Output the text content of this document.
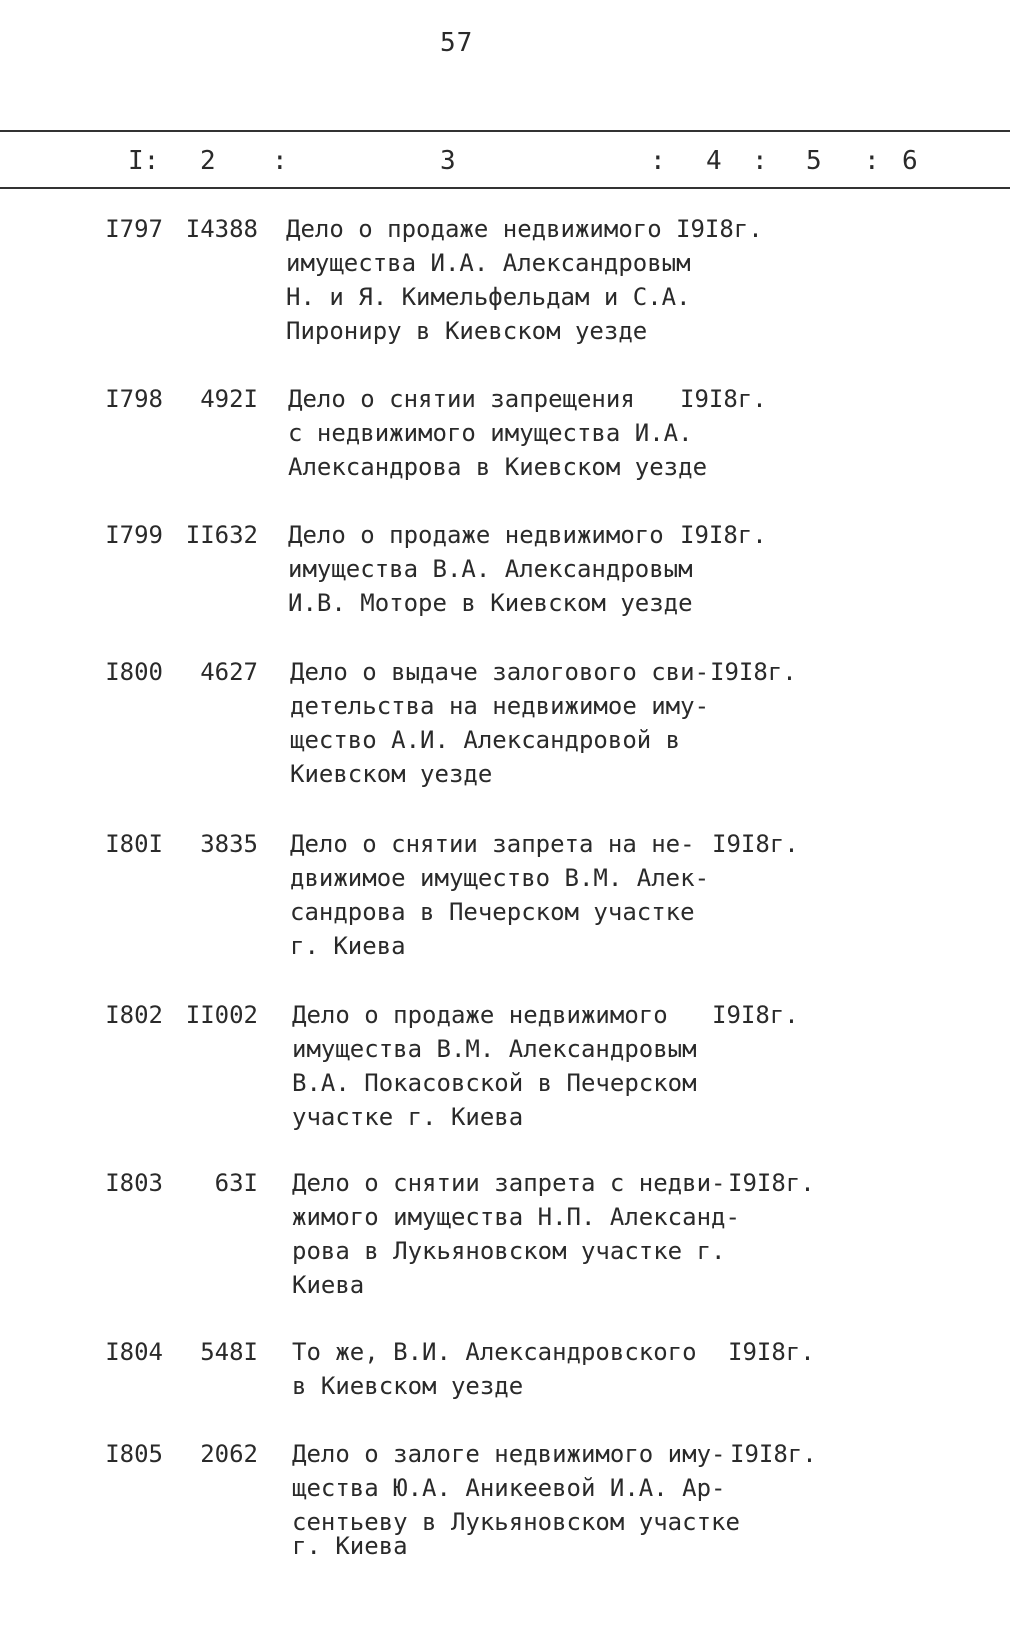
57
I: 2 :	3	: 4 : 5 : 6
I797 I4388 Дело о продаже недвижимого
имущества И.А. Александровым
Н. и Я. Кимельфельдам и С.А.
Пирониру в Киевском уезде
I9I8г.
I798	492I Дело о снятии запрещения
с недвижимого имущества И.А.
Александрова в Киевском уезде
I9I8г.
I799 II632 Дело о продаже недвижимого
имущества В.А. Александровым
И.В. Моторе в Киевском уезде
I9I8г.
I800	4627 Дело о выдаче залогового сви-
детельства на недвижимое иму-
щество А.И. Александровой в
Киевском уезде
I9I8г.
I80I	3835 Дело о снятии запрета на не-
движимое имущество В.М. Алек-
сандрова в Печерском участке
г. Киева
I9I8г.
I802 II002 Дело о продаже недвижимого
имущества В.М. Александровым
В.А. Покасовской в Печерском
участке г. Киева
I9I8г.
I803	63I Дело о снятии запрета с недви-
жимого имущества Н.П. Александ-
рова в Лукьяновском участке г.
Киева
I9I8г.
I804	548I То же, В.И. Александровского
в Киевском уезде
I9I8г.
I805	2062 Дело о залоге недвижимого иму-
щества Ю.А. Аникеевой И.А. Ар-
сентьеву в Лукьяновском участке
г. Киева
I9I8г.
